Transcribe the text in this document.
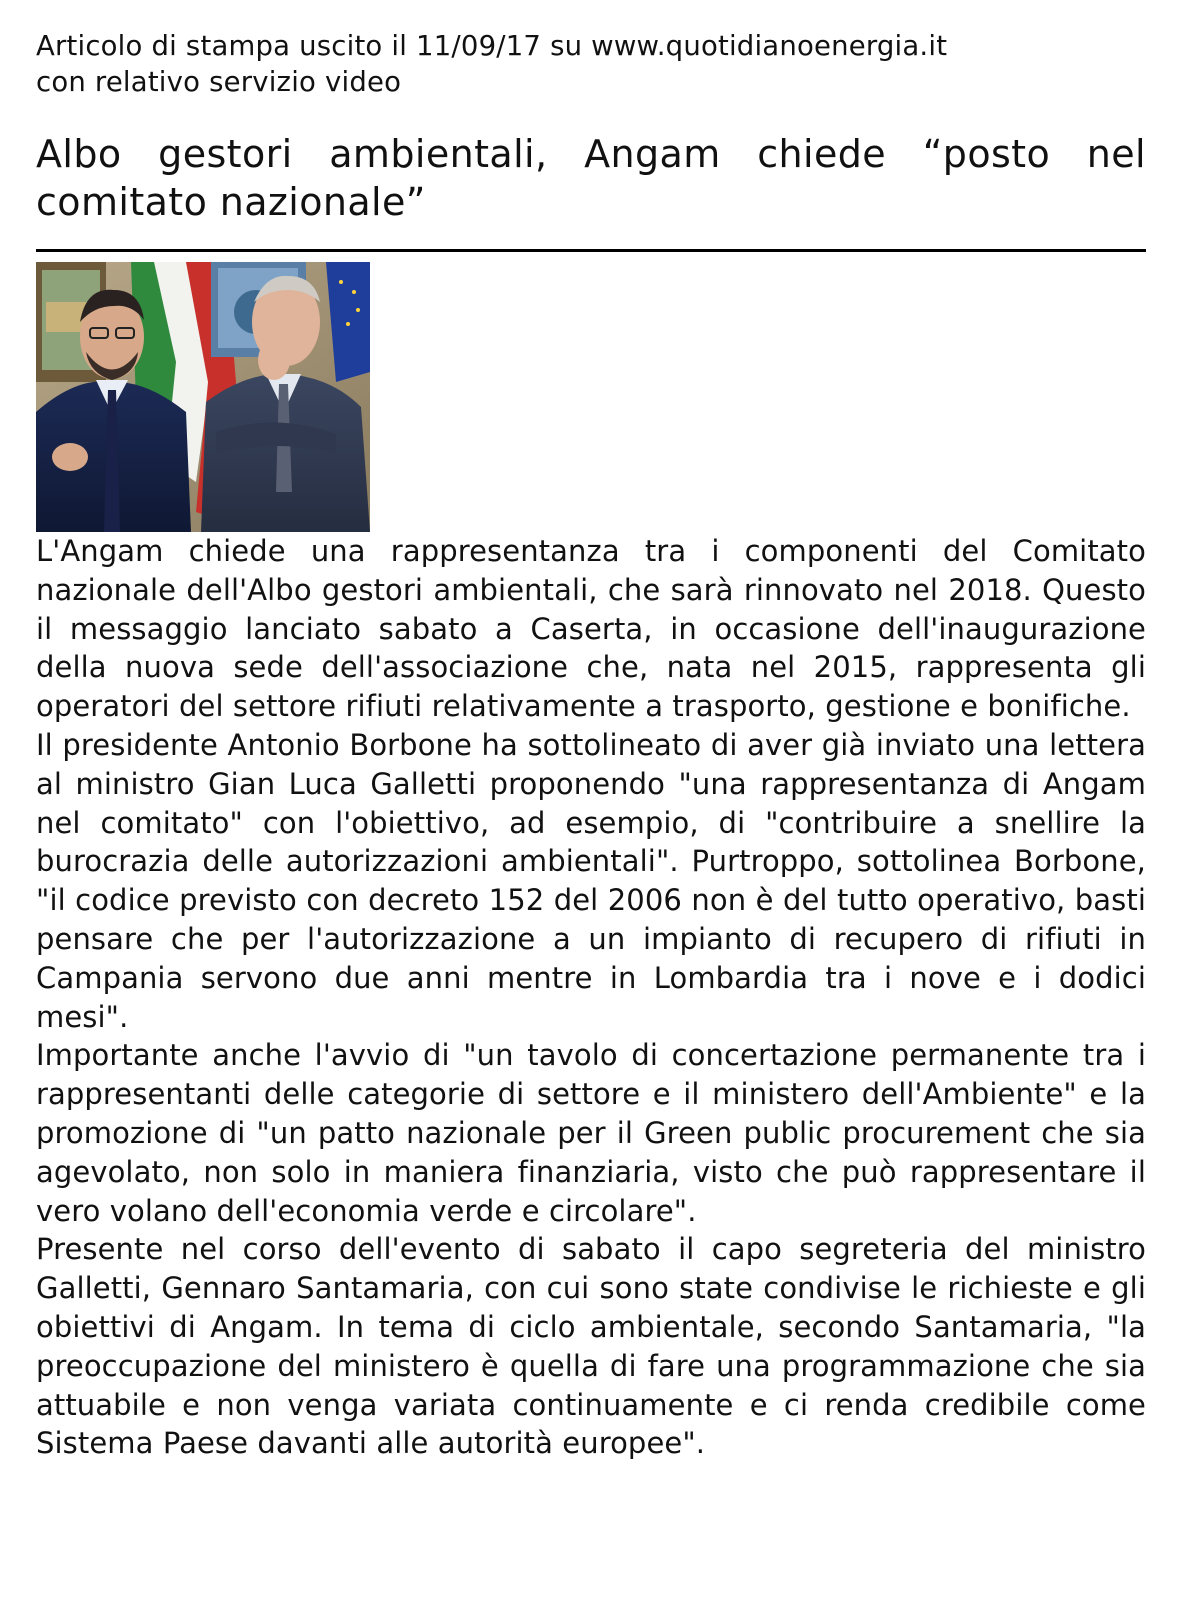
Articolo di stampa uscito il 11/09/17 su www.quotidianoenergia.it
con relativo servizio video

Albo gestori ambientali, Angam chiede “posto nel comitato nazionale”

L'Angam chiede una rappresentanza tra i componenti del Comitato nazionale dell'Albo gestori ambientali, che sarà rinnovato nel 2018. Questo il messaggio lanciato sabato a Caserta, in occasione dell'inaugurazione della nuova sede dell'associazione che, nata nel 2015, rappresenta gli operatori del settore rifiuti relativamente a trasporto, gestione e bonifiche.

Il presidente Antonio Borbone ha sottolineato di aver già inviato una lettera al ministro Gian Luca Galletti proponendo "una rappresentanza di Angam nel comitato" con l'obiettivo, ad esempio, di "contribuire a snellire la burocrazia delle autorizzazioni ambientali". Purtroppo, sottolinea Borbone, "il codice previsto con decreto 152 del 2006 non è del tutto operativo, basti pensare che per l'autorizzazione a un impianto di recupero di rifiuti in Campania servono due anni mentre in Lombardia tra i nove e i dodici mesi".

Importante anche l'avvio di "un tavolo di concertazione permanente tra i rappresentanti delle categorie di settore e il ministero dell'Ambiente" e la promozione di "un patto nazionale per il Green public procurement che sia agevolato, non solo in maniera finanziaria, visto che può rappresentare il vero volano dell'economia verde e circolare".

Presente nel corso dell'evento di sabato il capo segreteria del ministro Galletti, Gennaro Santamaria, con cui sono state condivise le richieste e gli obiettivi di Angam. In tema di ciclo ambientale, secondo Santamaria, "la preoccupazione del ministero è quella di fare una programmazione che sia attuabile e non venga variata continuamente e ci renda credibile come Sistema Paese davanti alle autorità europee".
